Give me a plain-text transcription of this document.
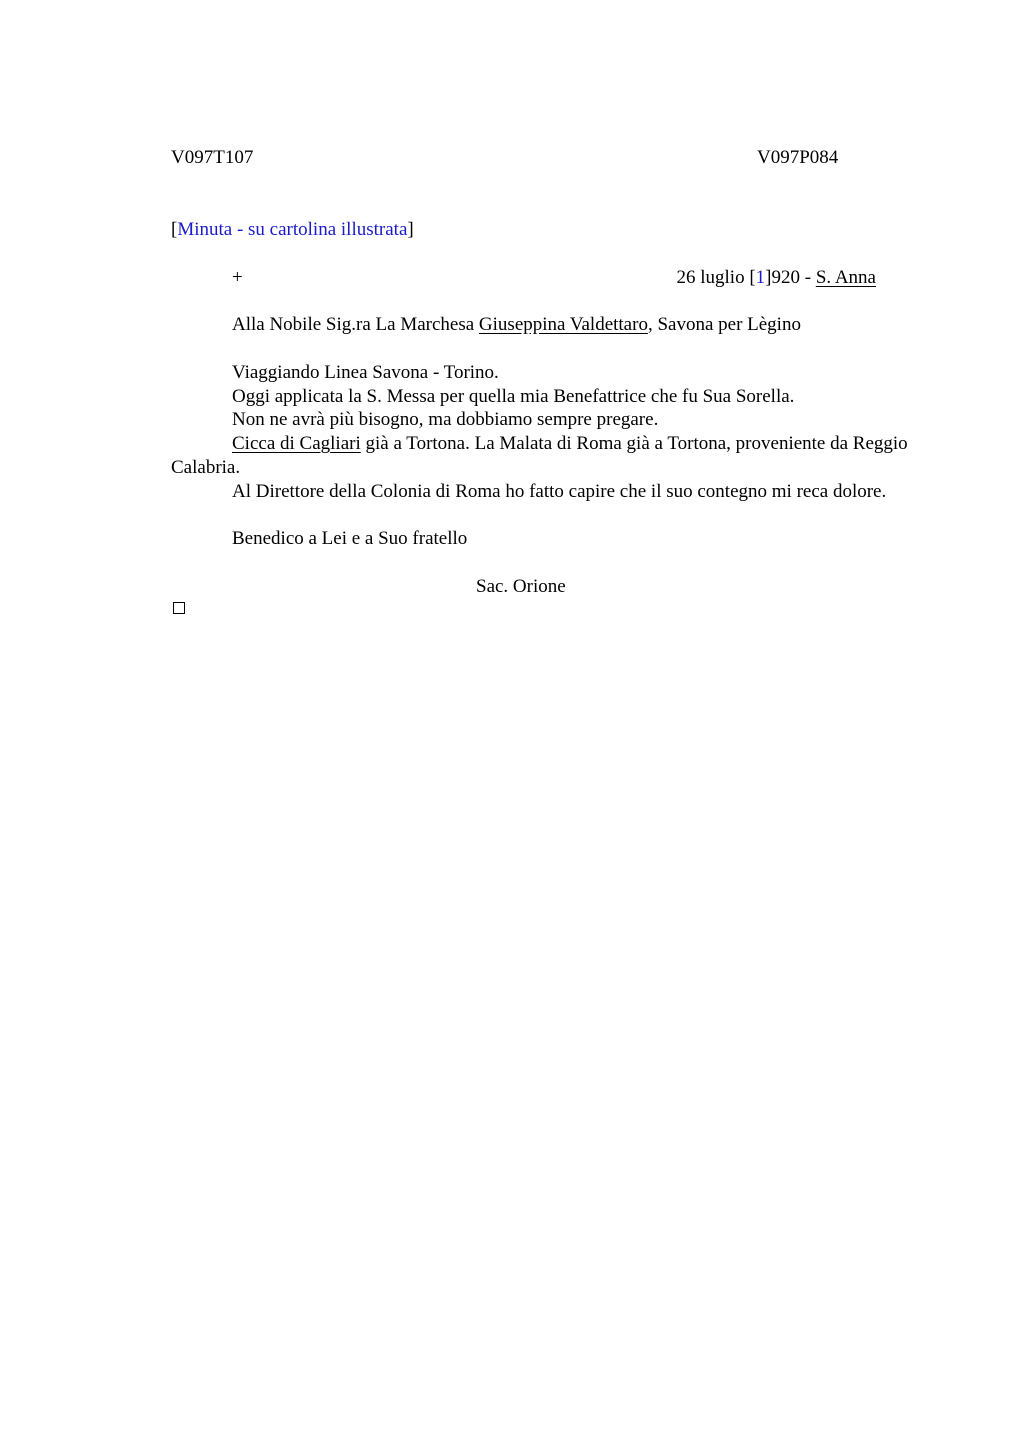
V097T107	V097P084
[Minuta - su cartolina illustrata]
+	26 luglio [1]920 - S. Anna
Alla Nobile Sig.ra La Marchesa Giuseppina Valdettaro, Savona per Lègino
Viaggiando Linea Savona - Torino.
Oggi applicata la S. Messa per quella mia Benefattrice che fu Sua Sorella.
Non ne avrà più bisogno, ma dobbiamo sempre pregare.
Cicca di Cagliari già a Tortona. La Malata di Roma già a Tortona, proveniente da Reggio Calabria.
Al Direttore della Colonia di Roma ho fatto capire che il suo contegno mi reca dolore.
Benedico a Lei e a Suo fratello
Sac. Orione
